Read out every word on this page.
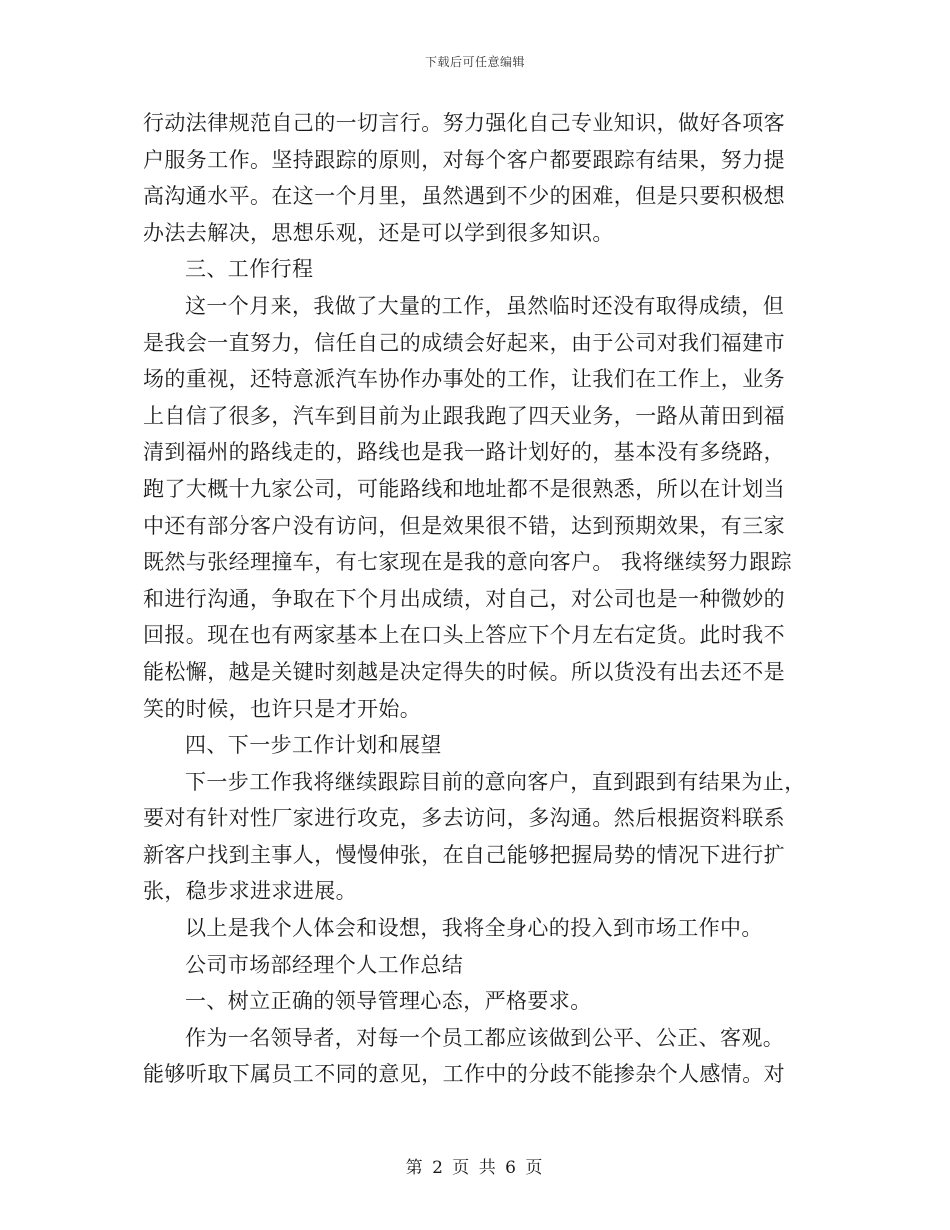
下载后可任意编辑
行动法律规范自己的一切言行。努力强化自己专业知识，做好各项客
户服务工作。坚持跟踪的原则，对每个客户都要跟踪有结果，努力提
高沟通水平。在这一个月里，虽然遇到不少的困难，但是只要积极想
办法去解决，思想乐观，还是可以学到很多知识。
三、工作行程
这一个月来，我做了大量的工作，虽然临时还没有取得成绩，但
是我会一直努力，信任自己的成绩会好起来，由于公司对我们福建市
场的重视，还特意派汽车协作办事处的工作，让我们在工作上，业务
上自信了很多，汽车到目前为止跟我跑了四天业务，一路从莆田到福
清到福州的路线走的，路线也是我一路计划好的，基本没有多绕路，
跑了大概十九家公司，可能路线和地址都不是很熟悉，所以在计划当
中还有部分客户没有访问，但是效果很不错，达到预期效果，有三家
既然与张经理撞车，有七家现在是我的意向客户。 我将继续努力跟踪
和进行沟通，争取在下个月出成绩，对自己，对公司也是一种微妙的
回报。现在也有两家基本上在口头上答应下个月左右定货。此时我不
能松懈，越是关键时刻越是决定得失的时候。所以货没有出去还不是
笑的时候，也许只是才开始。
四、下一步工作计划和展望
下一步工作我将继续跟踪目前的意向客户，直到跟到有结果为止，
要对有针对性厂家进行攻克，多去访问，多沟通。然后根据资料联系
新客户找到主事人，慢慢伸张，在自己能够把握局势的情况下进行扩
张，稳步求进求进展。
以上是我个人体会和设想，我将全身心的投入到市场工作中。
公司市场部经理个人工作总结
一、树立正确的领导管理心态，严格要求。
作为一名领导者，对每一个员工都应该做到公平、公正、客观。
能够听取下属员工不同的意见，工作中的分歧不能掺杂个人感情。对
第 2 页 共 6 页
